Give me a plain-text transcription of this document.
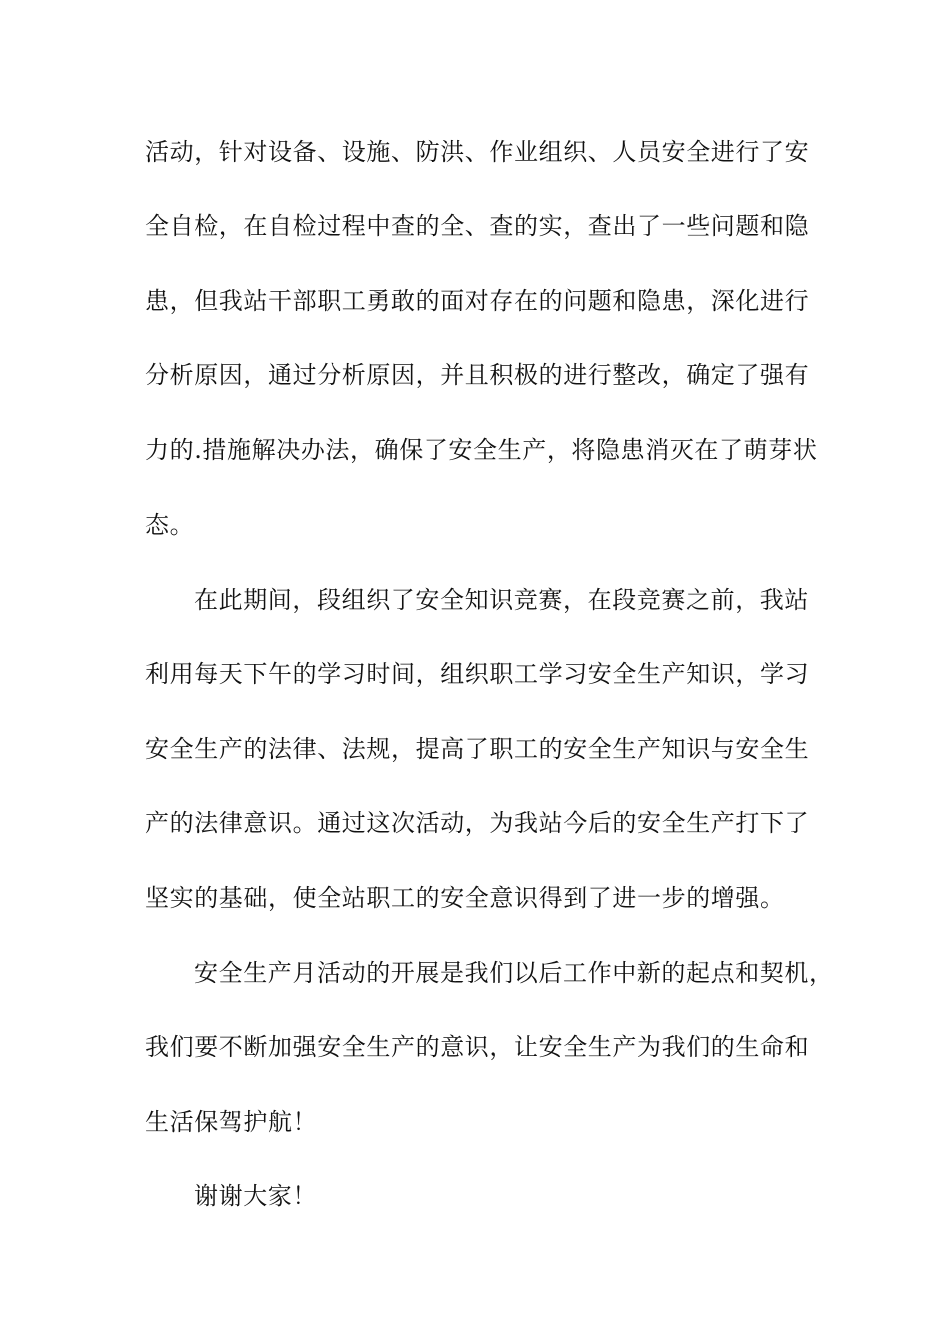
活动，针对设备、设施、防洪、作业组织、人员安全进行了安
全自检，在自检过程中查的全、查的实，查出了一些问题和隐
患，但我站干部职工勇敢的面对存在的问题和隐患，深化进行
分析原因，通过分析原因，并且积极的进行整改，确定了强有
力的.措施解决办法，确保了安全生产，将隐患消灭在了萌芽状
态。
在此期间，段组织了安全知识竞赛，在段竞赛之前，我站
利用每天下午的学习时间，组织职工学习安全生产知识，学习
安全生产的法律、法规，提高了职工的安全生产知识与安全生
产的法律意识。通过这次活动，为我站今后的安全生产打下了
坚实的基础，使全站职工的安全意识得到了进一步的增强。
安全生产月活动的开展是我们以后工作中新的起点和契机，
我们要不断加强安全生产的意识，让安全生产为我们的生命和
生活保驾护航！
谢谢大家！
